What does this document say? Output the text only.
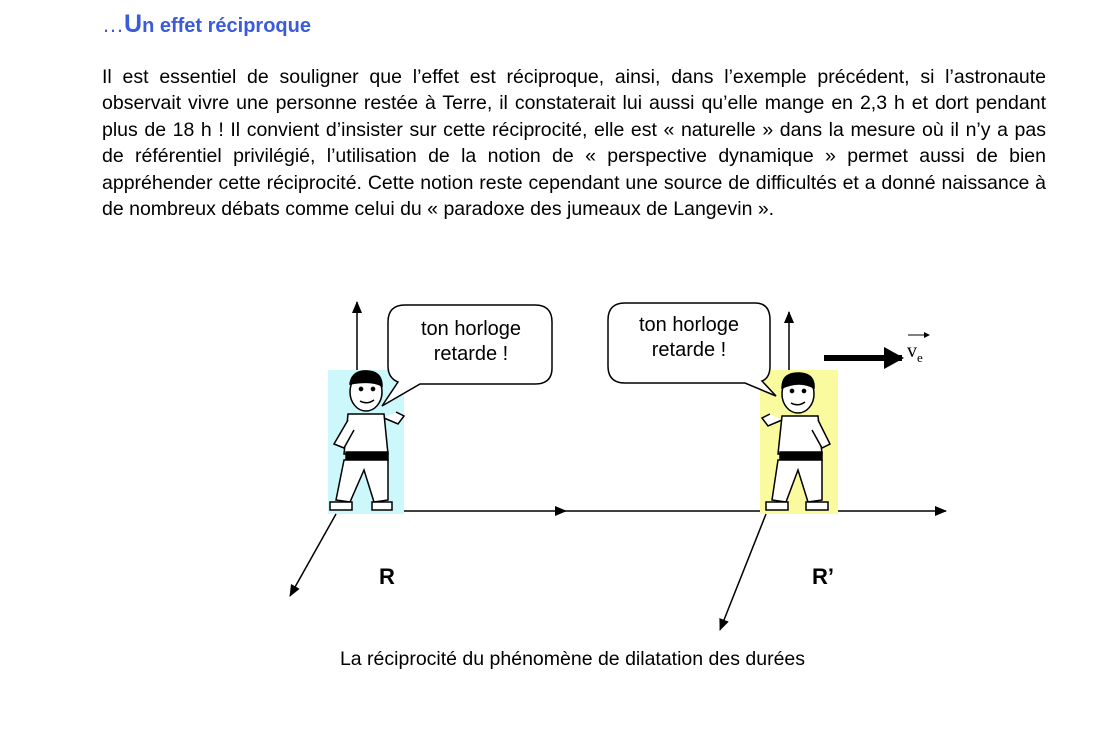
…Un effet réciproque
Il est essentiel de souligner que l’effet est réciproque, ainsi, dans l’exemple précédent, si l’astronaute observait vivre une personne restée à Terre, il constaterait lui aussi qu’elle mange en 2,3 h et dort pendant plus de 18 h ! Il convient d’insister sur cette réciprocité, elle est « naturelle » dans la mesure où il n’y a pas de référentiel privilégié, l’utilisation de la notion de « perspective dynamique » permet aussi de bien appréhender cette réciprocité. Cette notion reste cependant une source de difficultés et a donné naissance à de nombreux débats comme celui du « paradoxe des jumeaux de Langevin ».
ton horloge
retarde !
ton horloge
retarde !
R	R’
$v_e$
La réciprocité du phénomène de dilatation des durées
